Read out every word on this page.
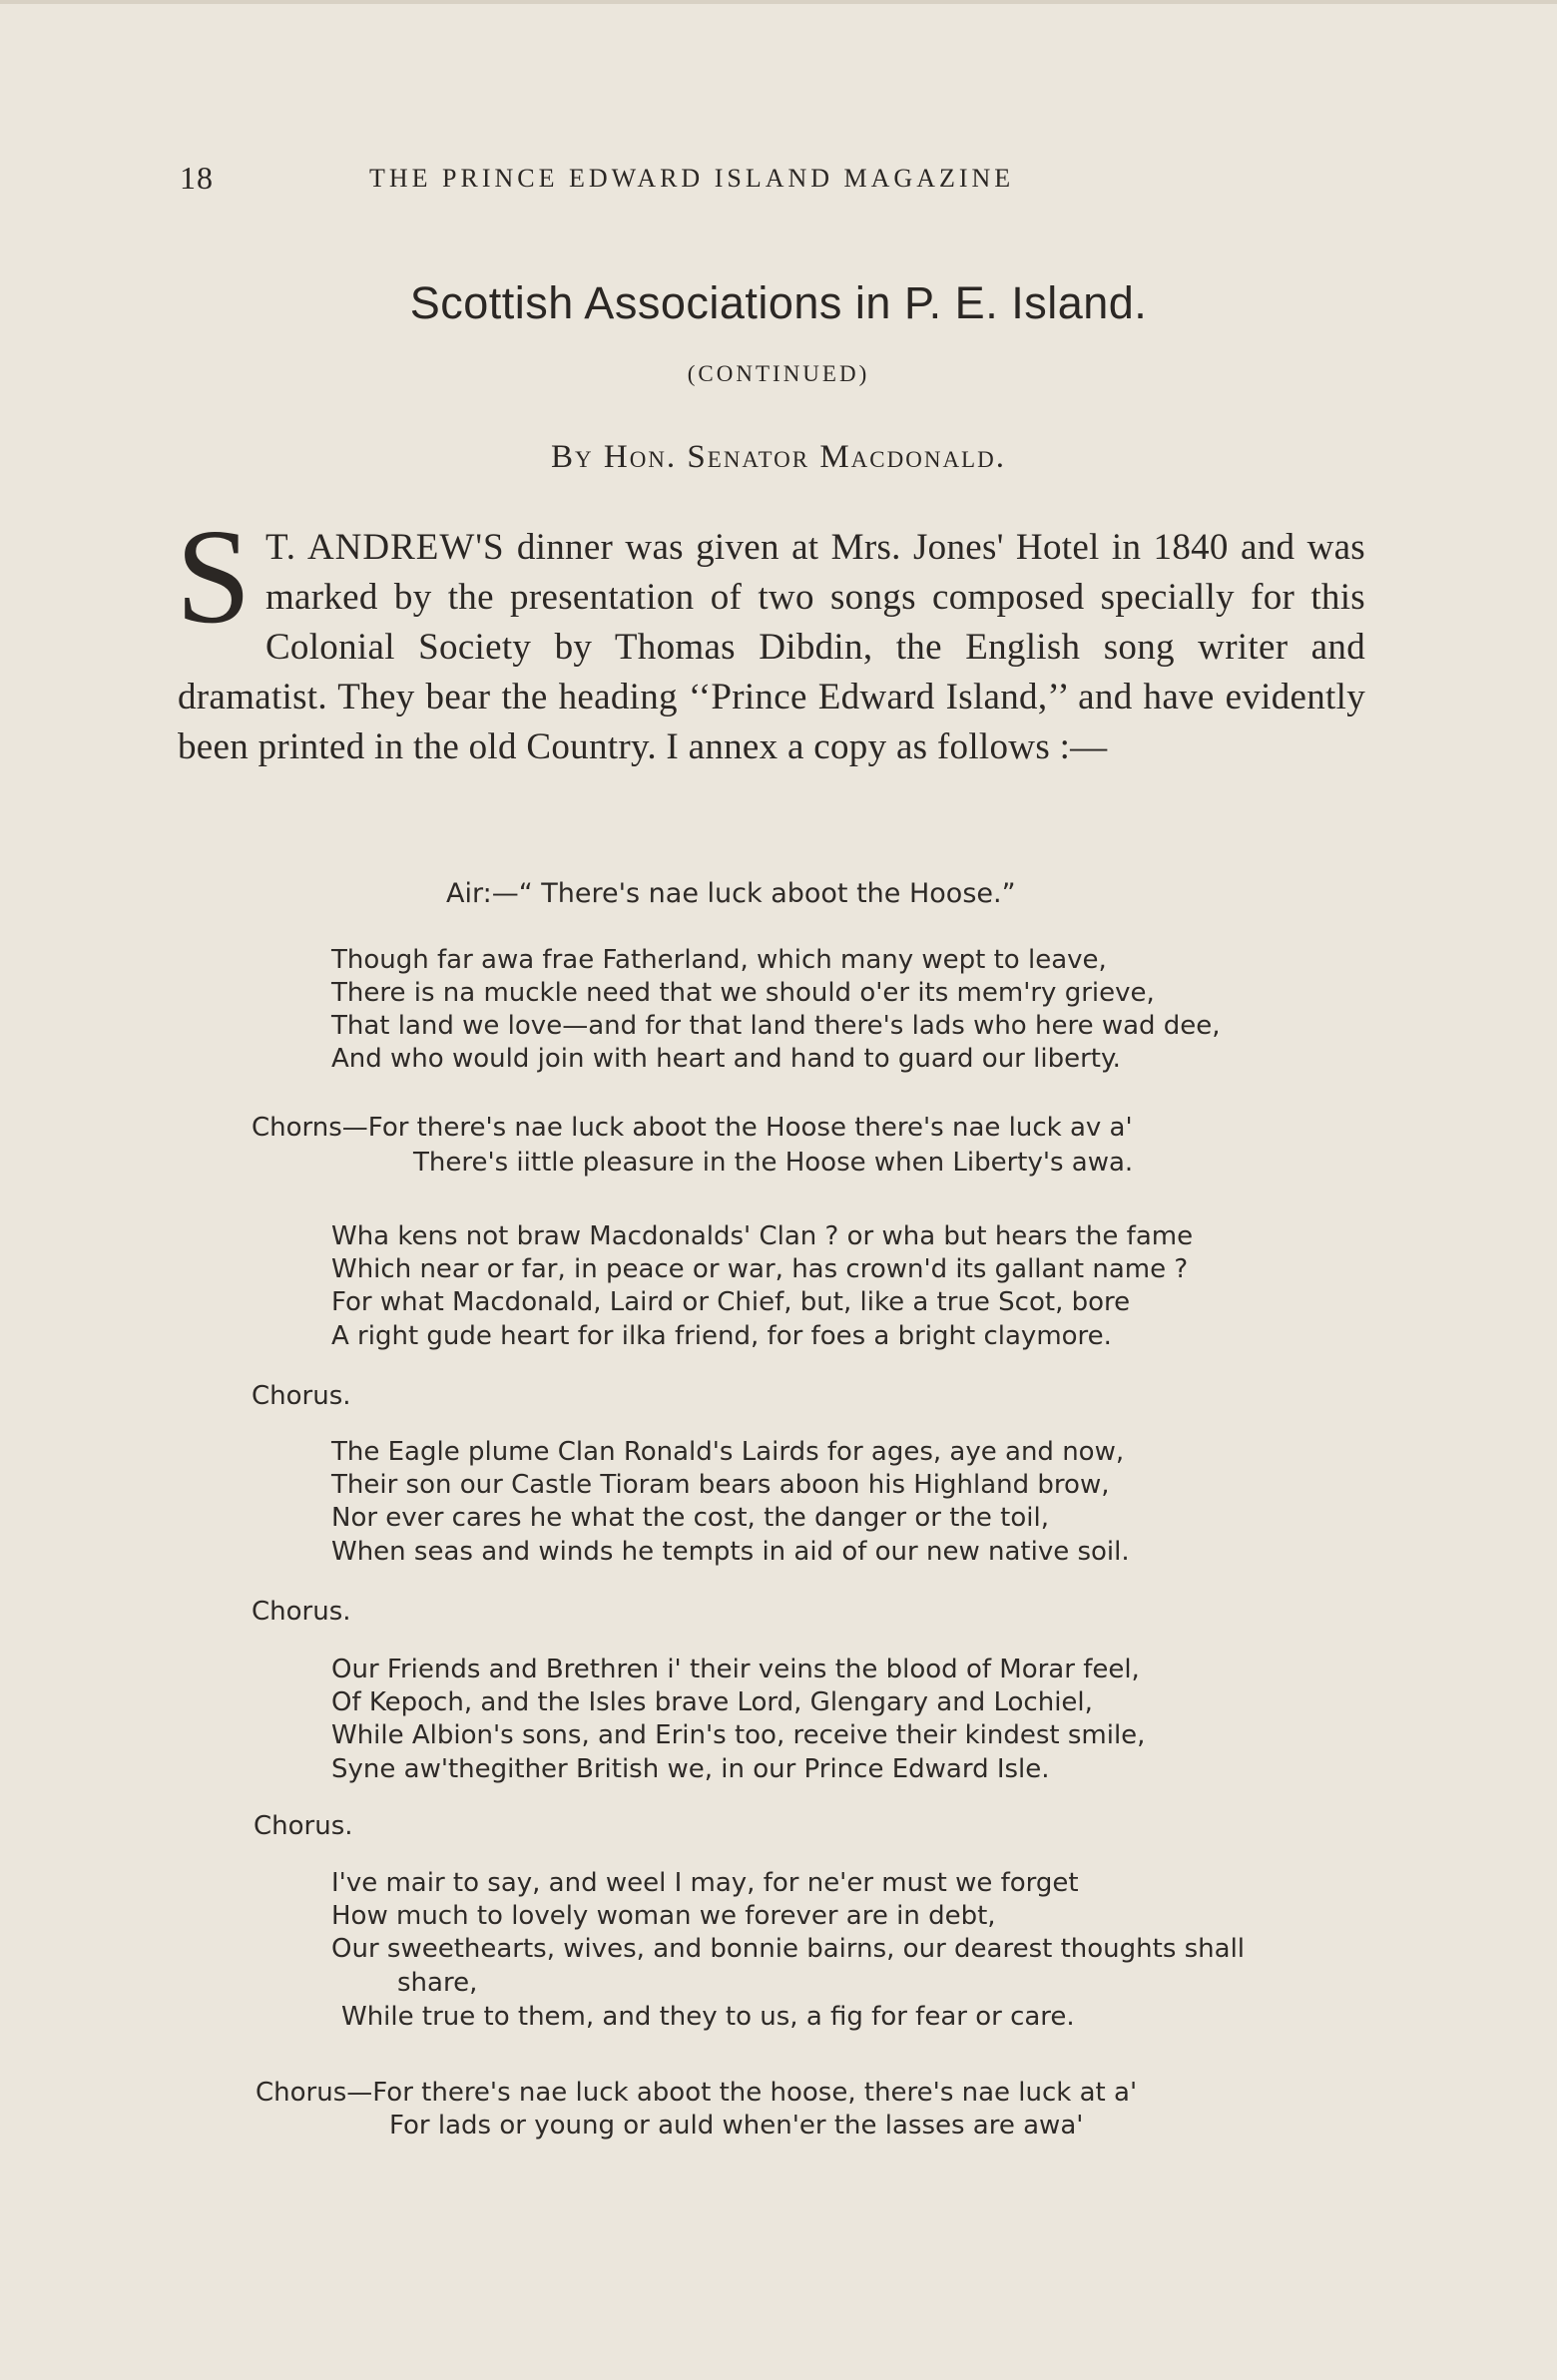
18	THE PRINCE EDWARD ISLAND MAGAZINE
Scottish Associations in P. E. Island.
(CONTINUED)
By Hon. Senator Macdonald.
S T. ANDREW'S dinner was given at Mrs. Jones' Hotel in 1840 and was marked by the presentation of two songs composed specially for this Colonial Society by Thomas Dibdin, the English song writer and dramatist. They bear the heading ‘‘Prince Edward Island,’’ and have evidently been printed in the old Country. I annex a copy as follows :—
Air:—“ There's nae luck aboot the Hoose.”
Though far awa frae Fatherland, which many wept to leave,
There is na muckle need that we should o'er its mem'ry grieve,
That land we love—and for that land there's lads who here wad dee,
And who would join with heart and hand to guard our liberty.
Chorns—For there's nae luck aboot the Hoose there's nae luck av a'
There's iittle pleasure in the Hoose when Liberty's awa.
Wha kens not braw Macdonalds' Clan ? or wha but hears the fame
Which near or far, in peace or war, has crown'd its gallant name ?
For what Macdonald, Laird or Chief, but, like a true Scot, bore
A right gude heart for ilka friend, for foes a bright claymore.
Chorus.
The Eagle plume Clan Ronald's Lairds for ages, aye and now,
Their son our Castle Tioram bears aboon his Highland brow,
Nor ever cares he what the cost, the danger or the toil,
When seas and winds he tempts in aid of our new native soil.
Chorus.
Our Friends and Brethren i' their veins the blood of Morar feel,
Of Kepoch, and the Isles brave Lord, Glengary and Lochiel,
While Albion's sons, and Erin's too, receive their kindest smile,
Syne aw'thegither British we, in our Prince Edward Isle.
Chorus.
I've mair to say, and weel I may, for ne'er must we forget
How much to lovely woman we forever are in debt,
Our sweethearts, wives, and bonnie bairns, our dearest thoughts shall
share,
While true to them, and they to us, a fig for fear or care.
Chorus—For there's nae luck aboot the hoose, there's nae luck at a'
For lads or young or auld when'er the lasses are awa'
